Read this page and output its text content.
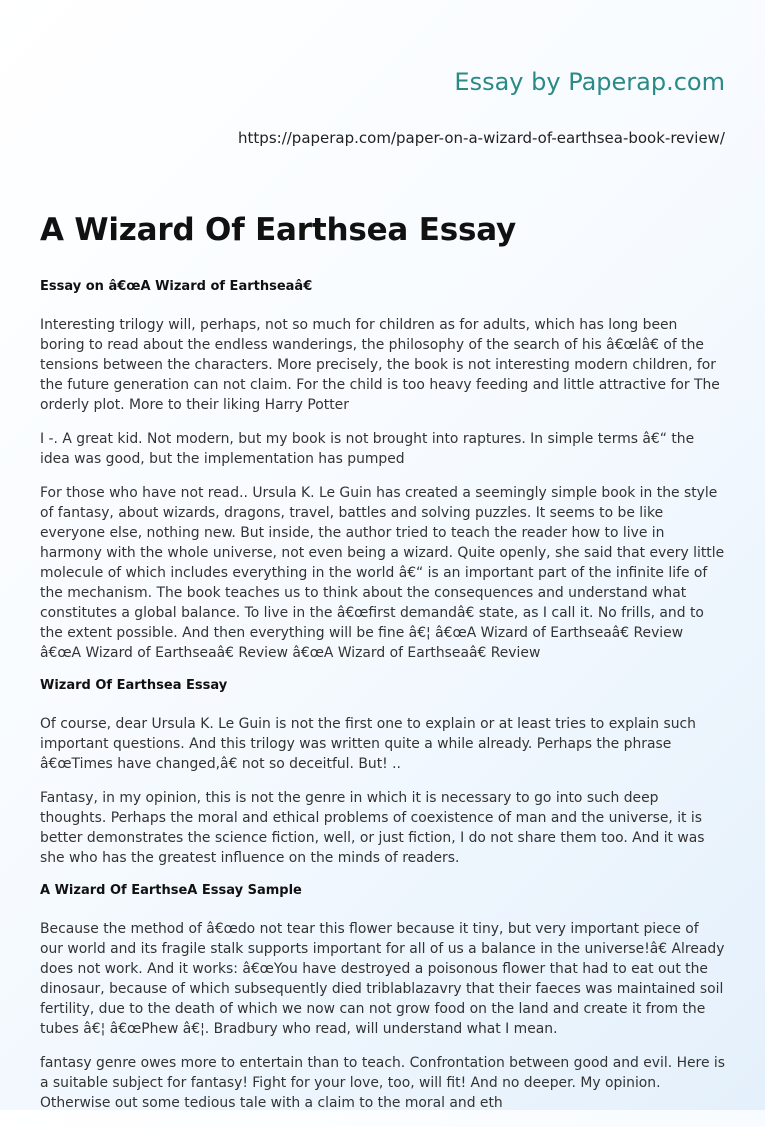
Essay by Paperap.com
https://paperap.com/paper-on-a-wizard-of-earthsea-book-review/
A Wizard Of Earthsea Essay

Essay on â€œA Wizard of Earthseaâ€

Interesting trilogy will, perhaps, not so much for children as for adults, which has long been boring to read about the endless wanderings, the philosophy of the search of his â€œlâ€ of the tensions between the characters. More precisely, the book is not interesting modern children, for the future generation can not claim. For the child is too heavy feeding and little attractive for The orderly plot. More to their liking Harry Potter

I -. A great kid. Not modern, but my book is not brought into raptures. In simple terms â€“ the idea was good, but the implementation has pumped

For those who have not read.. Ursula K. Le Guin has created a seemingly simple book in the style of fantasy, about wizards, dragons, travel, battles and solving puzzles. It seems to be like everyone else, nothing new. But inside, the author tried to teach the reader how to live in harmony with the whole universe, not even being a wizard. Quite openly, she said that every little molecule of which includes everything in the world â€“ is an important part of the infinite life of the mechanism. The book teaches us to think about the consequences and understand what constitutes a global balance. To live in the â€œfirst demandâ€ state, as I call it. No frills, and to the extent possible. And then everything will be fine â€¦ â€œA Wizard of Earthseaâ€ Review â€œA Wizard of Earthseaâ€ Review â€œA Wizard of Earthseaâ€ Review

Wizard Of Earthsea Essay

Of course, dear Ursula K. Le Guin is not the first one to explain or at least tries to explain such important questions. And this trilogy was written quite a while already. Perhaps the phrase â€œTimes have changed,â€ not so deceitful. But! ..

Fantasy, in my opinion, this is not the genre in which it is necessary to go into such deep thoughts. Perhaps the moral and ethical problems of coexistence of man and the universe, it is better demonstrates the science fiction, well, or just fiction, I do not share them too. And it was she who has the greatest influence on the minds of readers.

A Wizard Of EarthseA Essay Sample

Because the method of â€œdo not tear this flower because it tiny, but very important piece of our world and its fragile stalk supports important for all of us a balance in the universe!â€ Already does not work. And it works: â€œYou have destroyed a poisonous flower that had to eat out the dinosaur, because of which subsequently died triblablazavry that their faeces was maintained soil fertility, due to the death of which we now can not grow food on the land and create it from the tubes â€¦ â€œPhew â€¦. Bradbury who read, will understand what I mean.

fantasy genre owes more to entertain than to teach. Confrontation between good and evil. Here is a suitable subject for fantasy! Fight for your love, too, will fit! And no deeper. My opinion. Otherwise out some tedious tale with a claim to the moral and eth
